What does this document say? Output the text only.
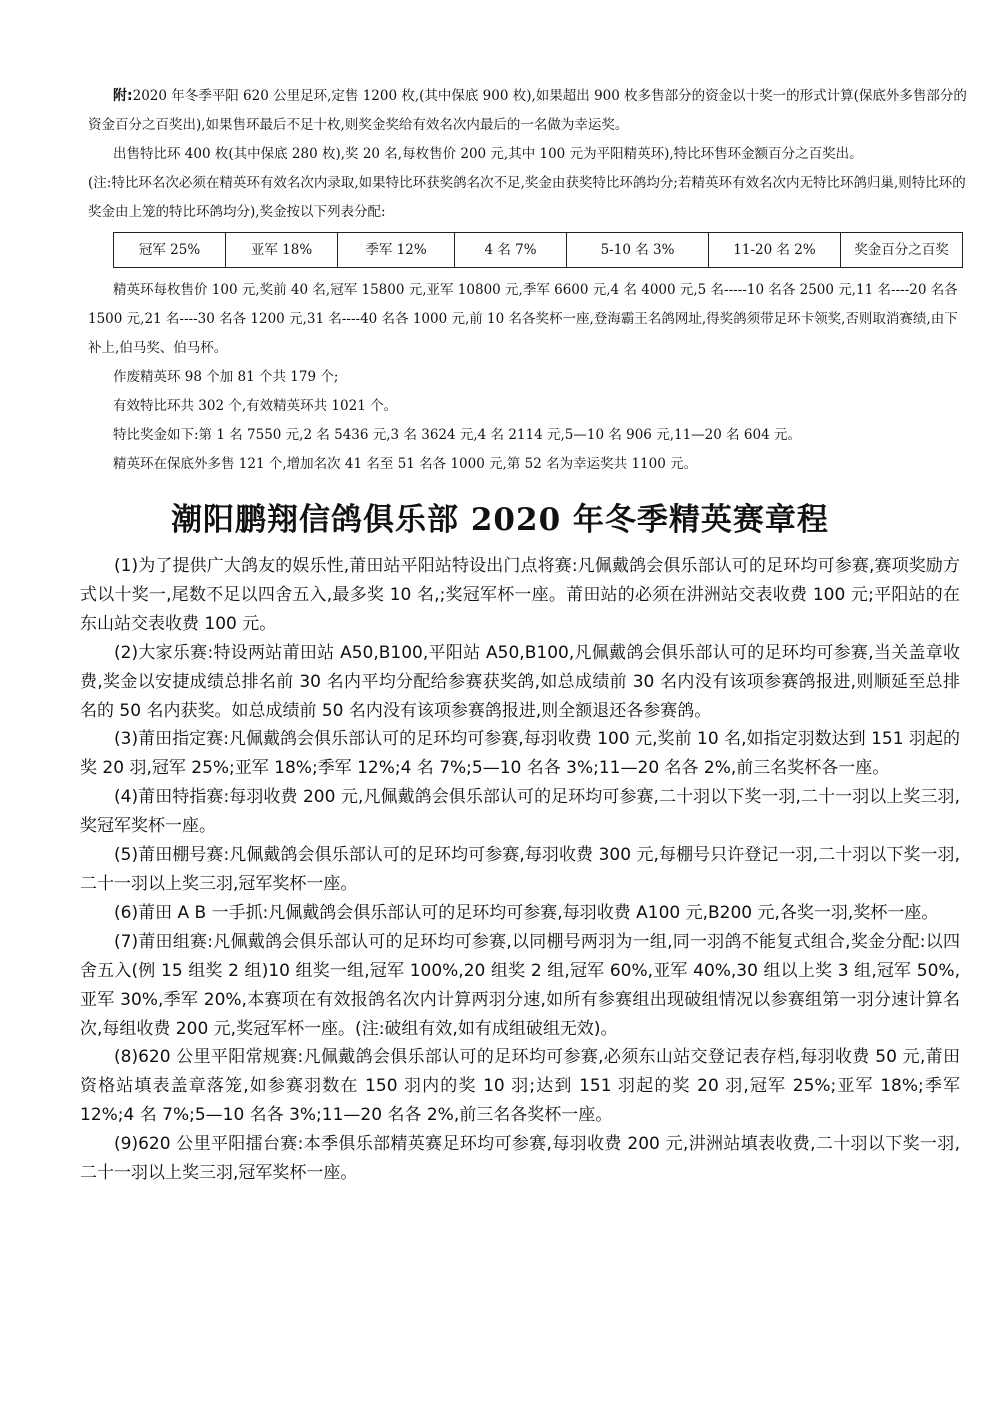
附:2020 年冬季平阳 620 公里足环,定售 1200 枚,(其中保底 900 枚),如果超出 900 枚多售部分的资金以十奖一的形式计算(保底外多售部分的资金百分之百奖出),如果售环最后不足十枚,则奖金奖给有效名次内最后的一名做为幸运奖。

出售特比环 400 枚(其中保底 280 枚),奖 20 名,每枚售价 200 元,其中 100 元为平阳精英环),特比环售环金额百分之百奖出。

(注:特比环名次必须在精英环有效名次内录取,如果特比环获奖鸽名次不足,奖金由获奖特比环鸽均分;若精英环有效名次内无特比环鸽归巢,则特比环的奖金由上笼的特比环鸽均分),奖金按以下列表分配:

冠军 25%	亚军 18%	季军 12%	4 名 7%	5-10 名 3%	11-20 名 2%	奖金百分之百奖

精英环每枚售价 100 元,奖前 40 名,冠军 15800 元,亚军 10800 元,季军 6600 元,4 名 4000 元,5 名-----10 名各 2500 元,11 名----20 名各 1500 元,21 名----30 名各 1200 元,31 名----40 名各 1000 元,前 10 名各奖杯一座,登海霸王名鸽网址,得奖鸽须带足环卡领奖,否则取消赛绩,由下补上,伯马奖、伯马杯。

作废精英环 98 个加 81 个共 179 个;

有效特比环共 302 个,有效精英环共 1021 个。

特比奖金如下:第 1 名 7550 元,2 名 5436 元,3 名 3624 元,4 名 2114 元,5—10 名 906 元,11—20 名 604 元。

精英环在保底外多售 121 个,增加名次 41 名至 51 名各 1000 元,第 52 名为幸运奖共 1100 元。

潮阳鹏翔信鸽俱乐部 2020 年冬季精英赛章程

(1)为了提供广大鸽友的娱乐性,莆田站平阳站特设出门点将赛:凡佩戴鸽会俱乐部认可的足环均可参赛,赛项奖励方式以十奖一,尾数不足以四舍五入,最多奖 10 名,;奖冠军杯一座。莆田站的必须在汫洲站交表收费 100 元;平阳站的在东山站交表收费 100 元。

(2)大家乐赛:特设两站莆田站 A50,B100,平阳站 A50,B100,凡佩戴鸽会俱乐部认可的足环均可参赛,当关盖章收费,奖金以安捷成绩总排名前 30 名内平均分配给参赛获奖鸽,如总成绩前 30 名内没有该项参赛鸽报进,则顺延至总排名的 50 名内获奖。如总成绩前 50 名内没有该项参赛鸽报进,则全额退还各参赛鸽。

(3)莆田指定赛:凡佩戴鸽会俱乐部认可的足环均可参赛,每羽收费 100 元,奖前 10 名,如指定羽数达到 151 羽起的奖 20 羽,冠军 25%;亚军 18%;季军 12%;4 名 7%;5—10 名各 3%;11—20 名各 2%,前三名奖杯各一座。

(4)莆田特指赛:每羽收费 200 元,凡佩戴鸽会俱乐部认可的足环均可参赛,二十羽以下奖一羽,二十一羽以上奖三羽,奖冠军奖杯一座。

(5)莆田棚号赛:凡佩戴鸽会俱乐部认可的足环均可参赛,每羽收费 300 元,每棚号只许登记一羽,二十羽以下奖一羽,二十一羽以上奖三羽,冠军奖杯一座。

(6)莆田 A B 一手抓:凡佩戴鸽会俱乐部认可的足环均可参赛,每羽收费 A100 元,B200 元,各奖一羽,奖杯一座。

(7)莆田组赛:凡佩戴鸽会俱乐部认可的足环均可参赛,以同棚号两羽为一组,同一羽鸽不能复式组合,奖金分配:以四舍五入(例 15 组奖 2 组)10 组奖一组,冠军 100%,20 组奖 2 组,冠军 60%,亚军 40%,30 组以上奖 3 组,冠军 50%,亚军 30%,季军 20%,本赛项在有效报鸽名次内计算两羽分速,如所有参赛组出现破组情况以参赛组第一羽分速计算名次,每组收费 200 元,奖冠军杯一座。(注:破组有效,如有成组破组无效)。

(8)620 公里平阳常规赛:凡佩戴鸽会俱乐部认可的足环均可参赛,必须东山站交登记表存档,每羽收费 50 元,莆田资格站填表盖章落笼,如参赛羽数在 150 羽内的奖 10 羽;达到 151 羽起的奖 20 羽,冠军 25%;亚军 18%;季军 12%;4 名 7%;5—10 名各 3%;11—20 名各 2%,前三名各奖杯一座。

(9)620 公里平阳擂台赛:本季俱乐部精英赛足环均可参赛,每羽收费 200 元,汫洲站填表收费,二十羽以下奖一羽,二十一羽以上奖三羽,冠军奖杯一座。
